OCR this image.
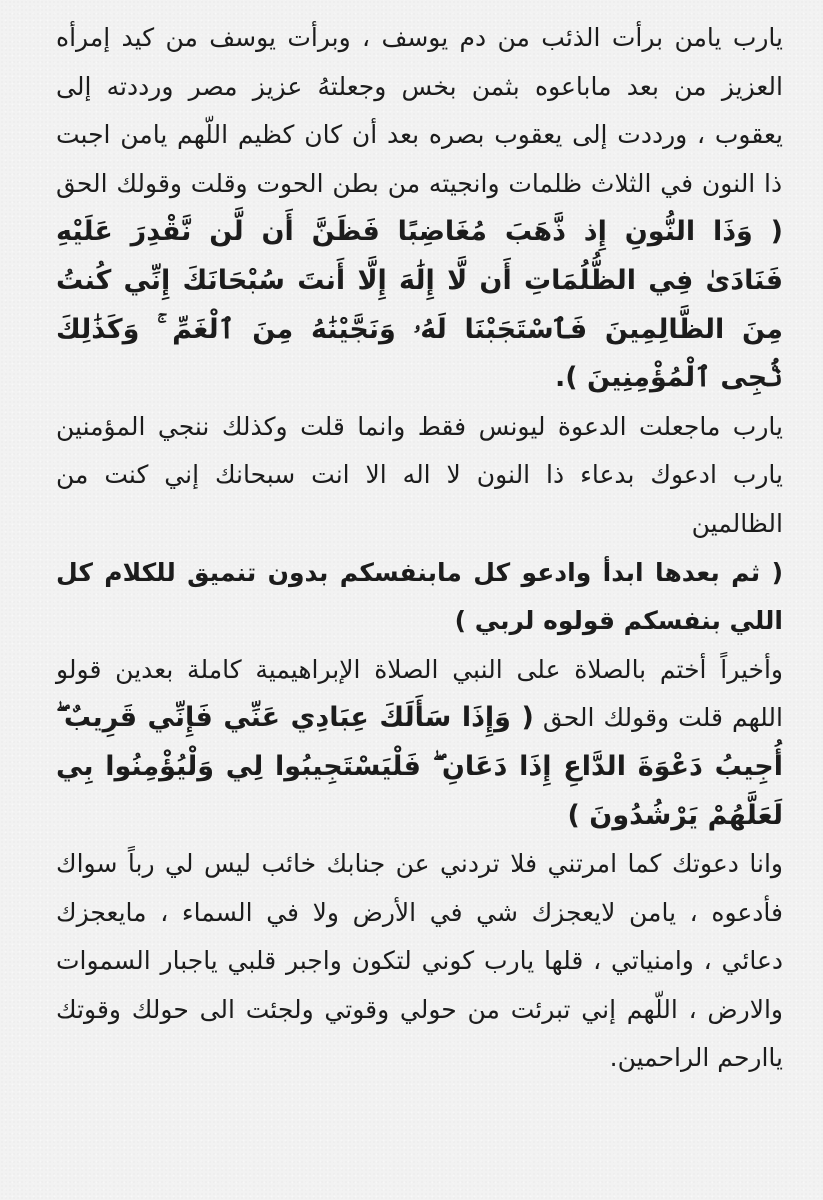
يارب يامن برأت الذئب من دم يوسف ، وبرأت يوسف من كيد إمرأه العزيز من بعد ماباعوه بثمن بخس وجعلتهُ عزيز مصر ورددته إلى يعقوب ، ورددت إلى يعقوب بصره بعد أن كان كظيم اللّهم يامن اجبت ذا النون في الثلاث ظلمات وانجيته من بطن الحوت وقلت وقولك الحق ( وَذَا النُّونِ إِذ ذَّهَبَ مُغَاضِبًا فَظَنَّ أَن لَّن نَّقْدِرَ عَلَيْهِ فَنَادَىٰ فِي الظُّلُمَاتِ أَن لَّا إِلَٰهَ إِلَّا أَنتَ سُبْحَانَكَ إِنِّي كُنتُ مِنَ الظَّالِمِينَ فَٱسْتَجَبْنَا لَهُۥ وَنَجَّيْنَٰهُ مِنَ ٱلْغَمِّ ۚ وَكَذَٰلِكَ نُۨجِى ٱلْمُؤْمِنِينَ ).

يارب ماجعلت الدعوة ليونس فقط وانما قلت وكذلك ننجي المؤمنين يارب ادعوك بدعاء ذا النون لا اله الا انت سبحانك إني كنت من الظالمين

( ثم بعدها ابدأ وادعو كل مابنفسكم بدون تنميق للكلام كل اللي بنفسكم قولوه لربي )

وأخيراً أختم بالصلاة على النبي الصلاة الإبراهيمية كاملة بعدين قولو اللهم قلت وقولك الحق ( وَإِذَا سَأَلَكَ عِبَادِي عَنِّي فَإِنِّي قَرِيبٌ ۖ أُجِيبُ دَعْوَةَ الدَّاعِ إِذَا دَعَانِ ۖ فَلْيَسْتَجِيبُوا لِي وَلْيُؤْمِنُوا بِي لَعَلَّهُمْ يَرْشُدُونَ )

وانا دعوتك كما امرتني فلا تردني عن جنابك خائب ليس لي رباً سواك فأدعوه ، يامن لايعجزك شي في الأرض ولا في السماء ، مايعجزك دعائي ، وامنياتي ، قلها يارب كوني لتكون واجبر قلبي ياجبار السموات والارض ، اللّهم إني تبرئت من حولي وقوتي ولجئت الى حولك وقوتك ياارحم الراحمين.
